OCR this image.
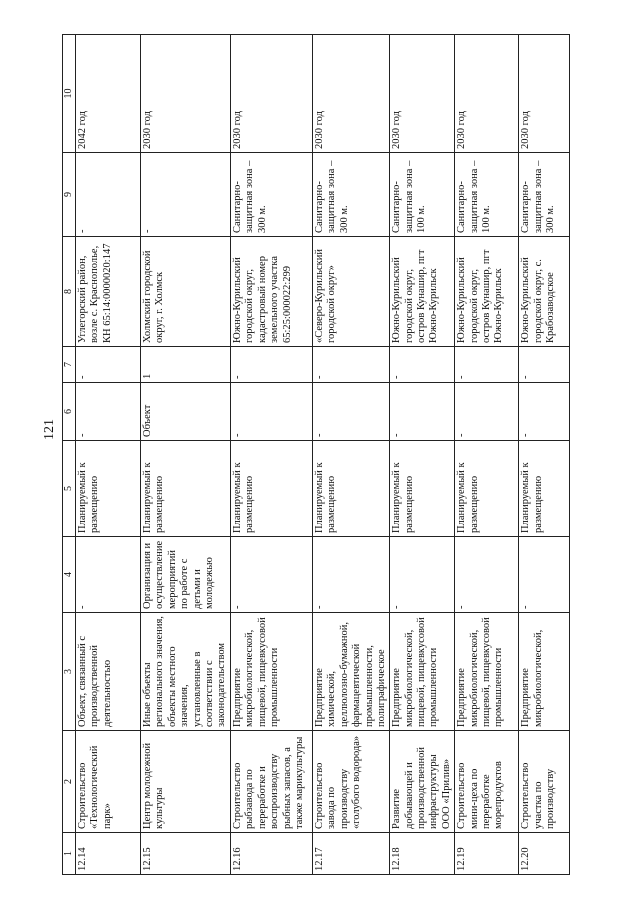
121
1	2	3	4	5	6	7	8	9	10
12.14	Строительство «Технологический парк»	Объект, связанный с производственной деятельностью	-	Планируемый к размещению	-	-	Углегорский район, возле с. Краснополье, КН 65:14:0000020:147	-	2042 год
12.15	Центр молодежной культуры	Иные объекты регионального значения, объекты местного значения, установленные в соответствии с законодательством	Организация и осуществление мероприятий по работе с детьми и молодежью	Планируемый к размещению	Объект	1	Холмский городской округ, г. Холмск	-	2030 год
12.16	Строительство рыбзавода по переработке и воспроизводству рыбных запасов, а также марикультуры	Предприятие микробиологической, пищевой, пищевкусовой промышленности	-	Планируемый к размещению	-	-	Южно-Курильский городской округ, кадастровый номер земельного участка 65:25:000022:299	Санитарно-защитная зона – 300 м.	2030 год
12.17	Строительство завода по производству «голубого водорода»	Предприятие химической, целлюлозно-бумажной, фармацевтической промышленности, полиграфическое	-	Планируемый к размещению	-	-	«Северо-Курильский городской округ»	Санитарно-защитная зона – 300 м.	2030 год
12.18	Развитие добывающей и производственной инфраструктуры ООО «Прилив»	Предприятие микробиологической, пищевой, пищевкусовой промышленности	-	Планируемый к размещению	-	-	Южно-Курильский городской округ, остров Кунашир, пгт Южно-Курильск	Санитарно-защитная зона – 100 м.	2030 год
12.19	Строительство мини-цеха по переработке морепродуктов	Предприятие микробиологической, пищевой, пищевкусовой промышленности	-	Планируемый к размещению	-	-	Южно-Курильский городской округ, остров Кунашир, пгт Южно-Курильск	Санитарно-защитная зона – 100 м.	2030 год
12.20	Строительство участка по производству	Предприятие микробиологической,	-	Планируемый к размещению	-	-	Южно-Курильский городской округ, с. Крабозаводское	Санитарно-защитная зона – 300 м.	2030 год
